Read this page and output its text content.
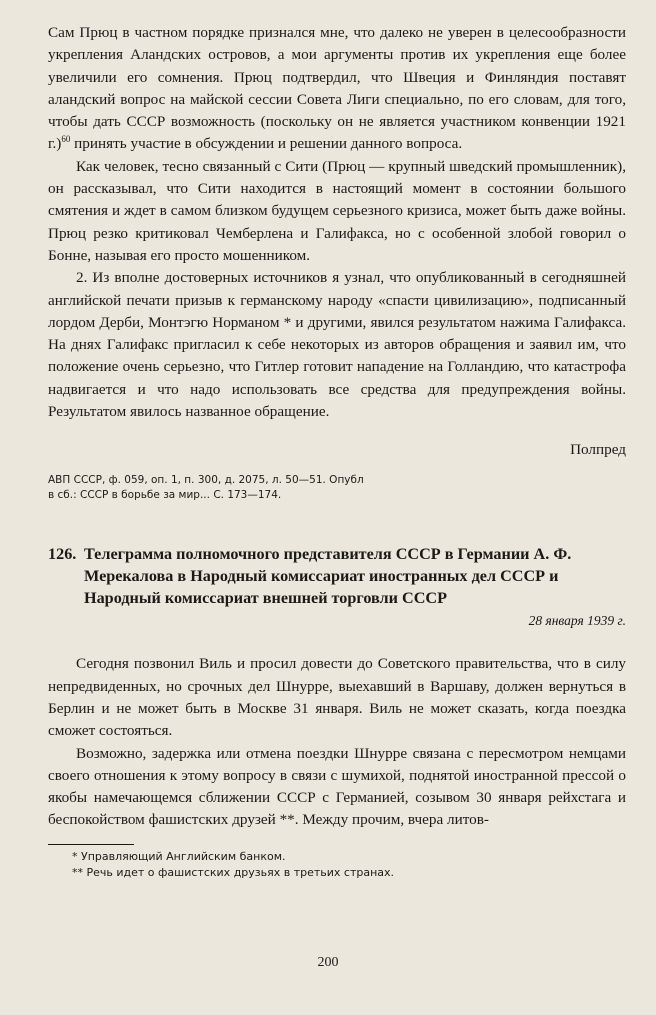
Сам Прюц в частном порядке признался мне, что далеко не уверен в целесообразности укрепления Аландских островов, а мои аргументы против их укрепления еще более увеличили его сомнения. Прюц подтвердил, что Швеция и Финляндия поставят аландский вопрос на майской сессии Совета Лиги специально, по его словам, для того, чтобы дать СССР возможность (поскольку он не является участником конвенции 1921 г.)$^{60}$ принять участие в обсуждении и решении данного вопроса.

Как человек, тесно связанный с Сити (Прюц — крупный шведский промышленник), он рассказывал, что Сити находится в настоящий момент в состоянии большого смятения и ждет в самом близком будущем серьезного кризиса, может быть даже войны. Прюц резко критиковал Чемберлена и Галифакса, но с особенной злобой говорил о Бонне, называя его просто мошенником.

2. Из вполне достоверных источников я узнал, что опубликованный в сегодняшней английской печати призыв к германскому народу «спасти цивилизацию», подписанный лордом Дерби, Монтэгю Норманом * и другими, явился результатом нажима Галифакса. На днях Галифакс пригласил к себе некоторых из авторов обращения и заявил им, что положение очень серьезно, что Гитлер готовит нападение на Голландию, что катастрофа надвигается и что надо использовать все средства для предупреждения войны. Результатом явилось названное обращение.

Полпред

АВП СССР, ф. 059, оп. 1, п. 300, д. 2075, л. 50—51. Опубл в сб.: СССР в борьбе за мир... С. 173—174.

126. Телеграмма полномочного представителя СССР в Германии А. Ф. Мерекалова в Народный комиссариат иностранных дел СССР и Народный комиссариат внешней торговли СССР

28 января 1939 г.

Сегодня позвонил Виль и просил довести до Советского правительства, что в силу непредвиденных, но срочных дел Шнурре, выехавший в Варшаву, должен вернуться в Берлин и не может быть в Москве 31 января. Виль не может сказать, когда поездка сможет состояться.

Возможно, задержка или отмена поездки Шнурре связана с пересмотром немцами своего отношения к этому вопросу в связи с шумихой, поднятой иностранной прессой о якобы намечающемся сближении СССР с Германией, созывом 30 января рейхстага и беспокойством фашистских друзей **. Между прочим, вчера литов-

* Управляющий Английским банком.

** Речь идет о фашистских друзьях в третьих странах.

200
